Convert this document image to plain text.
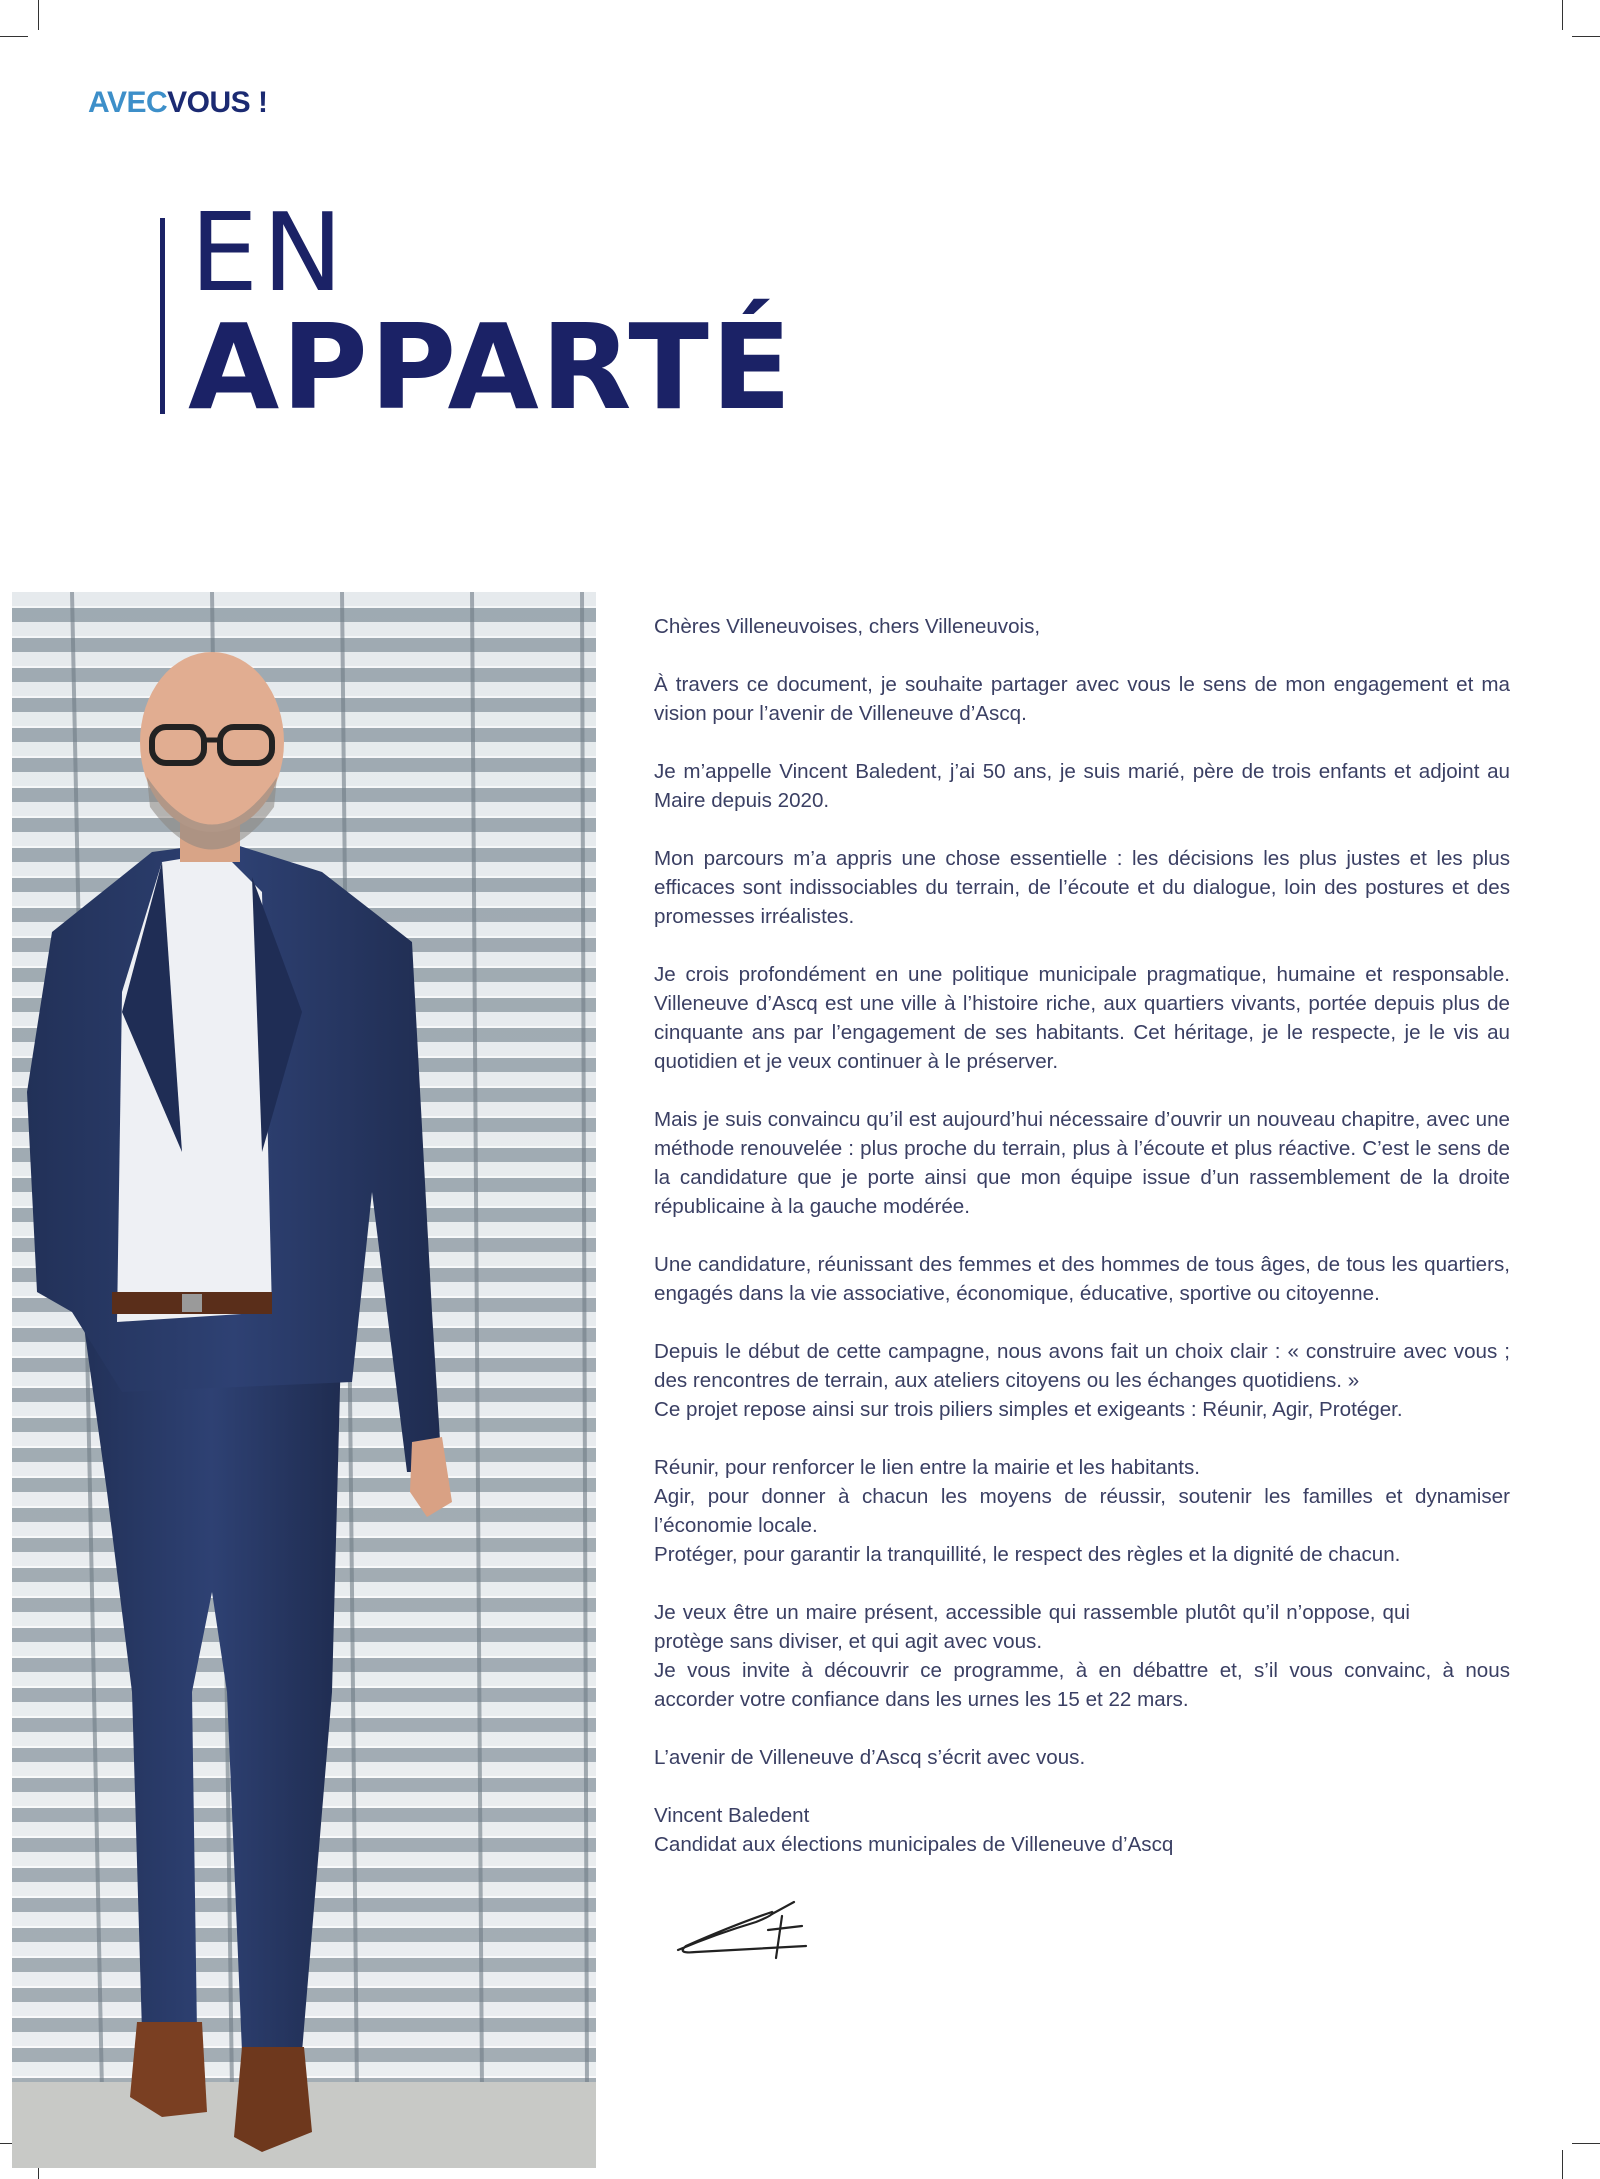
AVECVOUS !
EN
APPARTÉ

Chères Villeneuvoises, chers Villeneuvois,

À travers ce document, je souhaite partager avec vous le sens de mon engagement et ma vision pour l’avenir de Villeneuve d’Ascq.

Je m’appelle Vincent Baledent, j’ai 50 ans, je suis marié, père de trois enfants et adjoint au Maire depuis 2020.

Mon parcours m’a appris une chose essentielle : les décisions les plus justes et les plus efficaces sont indissociables du terrain, de l’écoute et du dialogue, loin des postures et des promesses irréalistes.

Je crois profondément en une politique municipale pragmatique, humaine et responsable. Villeneuve d’Ascq est une ville à l’histoire riche, aux quartiers vivants, portée depuis plus de cinquante ans par l’engagement de ses habitants. Cet héritage, je le respecte, je le vis au quotidien et je veux continuer à le préserver.

Mais je suis convaincu qu’il est aujourd’hui nécessaire d’ouvrir un nouveau chapitre, avec une méthode renouvelée : plus proche du terrain, plus à l’écoute et plus réactive. C’est le sens de la candidature que je porte ainsi que mon équipe issue d’un rassemblement de la droite républicaine à la gauche modérée.

Une candidature, réunissant des femmes et des hommes de tous âges, de tous les quartiers, engagés dans la vie associative, économique, éducative, sportive ou citoyenne.

Depuis le début de cette campagne, nous avons fait un choix clair : « construire avec vous ; des rencontres de terrain, aux ateliers citoyens ou les échanges quotidiens. »
Ce projet repose ainsi sur trois piliers simples et exigeants : Réunir, Agir, Protéger.

Réunir, pour renforcer le lien entre la mairie et les habitants.
Agir, pour donner à chacun les moyens de réussir, soutenir les familles et dynamiser l’économie locale.
Protéger, pour garantir la tranquillité, le respect des règles et la dignité de chacun.

Je veux être un maire présent, accessible qui rassemble plutôt qu’il n’oppose, qui protège sans diviser, et qui agit avec vous.
Je vous invite à découvrir ce programme, à en débattre et, s’il vous convainc, à nous accorder votre confiance dans les urnes les 15 et 22 mars.

L’avenir de Villeneuve d’Ascq s’écrit avec vous.

Vincent Baledent
Candidat aux élections municipales de Villeneuve d’Ascq
